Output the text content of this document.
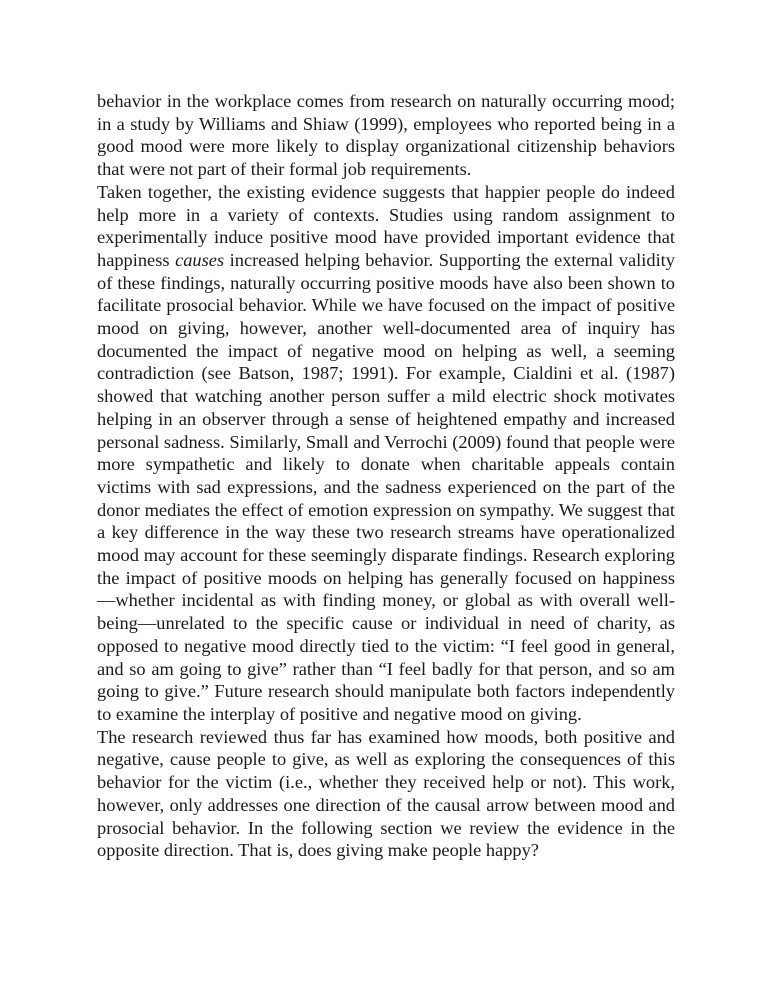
behavior in the workplace comes from research on naturally occurring mood; in a study by Williams and Shiaw (1999), employees who reported being in a good mood were more likely to display organizational citizenship behaviors that were not part of their formal job requirements.

Taken together, the existing evidence suggests that happier people do indeed help more in a variety of contexts. Studies using random assignment to experimentally induce positive mood have provided important evidence that happiness causes increased helping behavior. Supporting the external validity of these findings, naturally occurring positive moods have also been shown to facilitate prosocial behavior. While we have focused on the impact of positive mood on giving, however, another well-documented area of inquiry has documented the impact of negative mood on helping as well, a seeming contradiction (see Batson, 1987; 1991). For example, Cialdini et al. (1987) showed that watching another person suffer a mild electric shock motivates helping in an observer through a sense of heightened empathy and increased personal sadness. Similarly, Small and Verrochi (2009) found that people were more sympathetic and likely to donate when charitable appeals contain victims with sad expressions, and the sadness experienced on the part of the donor mediates the effect of emotion expression on sympathy. We suggest that a key difference in the way these two research streams have operationalized mood may account for these seemingly disparate findings. Research exploring the impact of positive moods on helping has generally focused on happiness—whether incidental as with finding money, or global as with overall well-being—unrelated to the specific cause or individual in need of charity, as opposed to negative mood directly tied to the victim: “I feel good in general, and so am going to give” rather than “I feel badly for that person, and so am going to give.” Future research should manipulate both factors independently to examine the interplay of positive and negative mood on giving.

The research reviewed thus far has examined how moods, both positive and negative, cause people to give, as well as exploring the consequences of this behavior for the victim (i.e., whether they received help or not). This work, however, only addresses one direction of the causal arrow between mood and prosocial behavior. In the following section we review the evidence in the opposite direction. That is, does giving make people happy?
